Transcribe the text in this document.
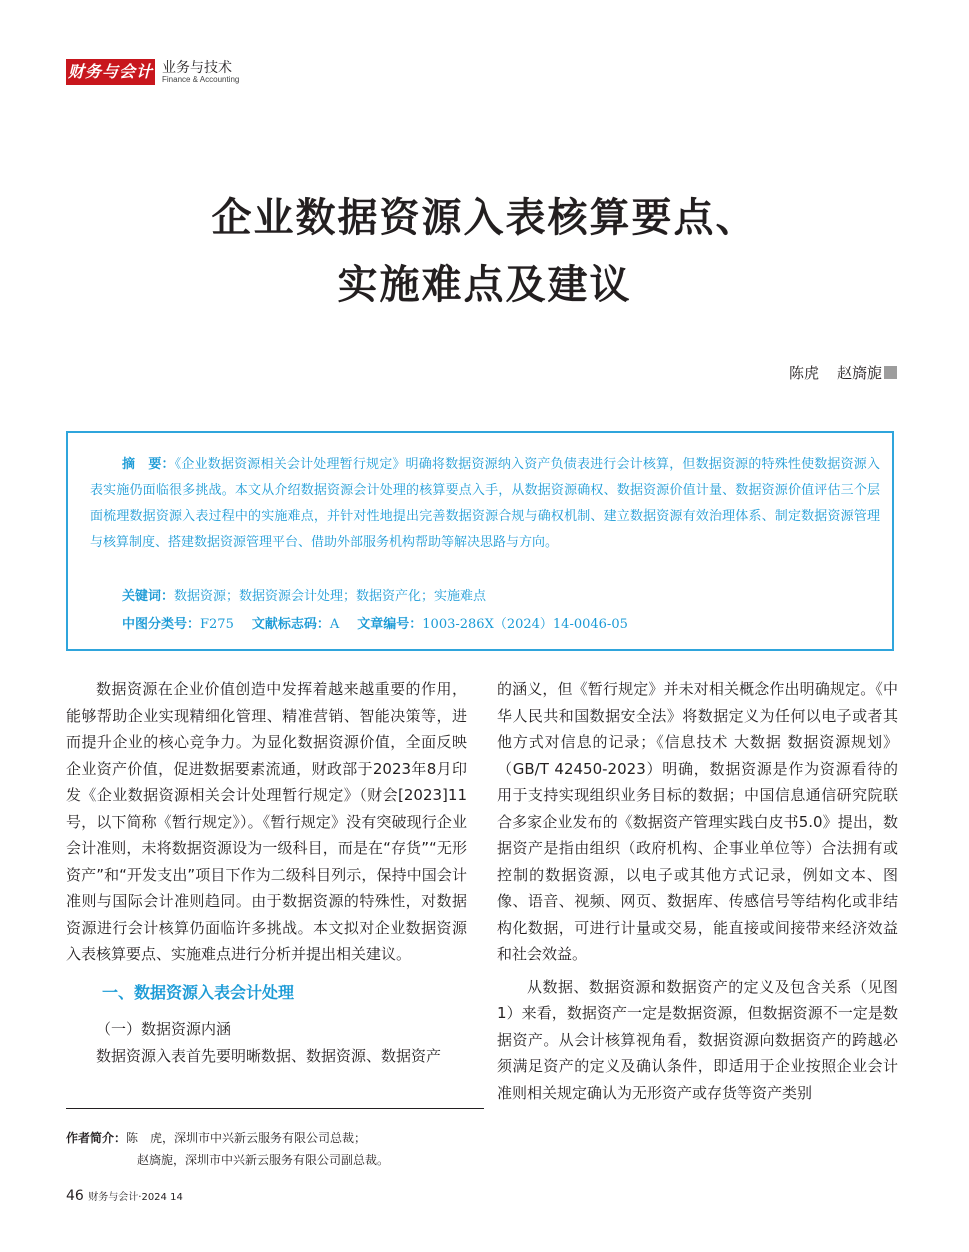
财务与会计 业务与技术
Finance & Accounting
企业数据资源入表核算要点、
实施难点及建议
陈虎 赵旖旎

摘　要：《企业数据资源相关会计处理暂行规定》明确将数据资源纳入资产负债表进行会计核算，但数据资源的特殊性使数据资源入表实施仍面临很多挑战。本文从介绍数据资源会计处理的核算要点入手，从数据资源确权、数据资源价值计量、数据资源价值评估三个层面梳理数据资源入表过程中的实施难点，并针对性地提出完善数据资源合规与确权机制、建立数据资源有效治理体系、制定数据资源管理与核算制度、搭建数据资源管理平台、借助外部服务机构帮助等解决思路与方向。

关键词：数据资源；数据资源会计处理；数据资产化；实施难点
中图分类号：F275 文献标志码：A 文章编号：1003-286X（2024）14-0046-05

数据资源在企业价值创造中发挥着越来越重要的作用，能够帮助企业实现精细化管理、精准营销、智能决策等，进而提升企业的核心竞争力。为显化数据资源价值，全面反映企业资产价值，促进数据要素流通，财政部于2023年8月印发《企业数据资源相关会计处理暂行规定》（财会[2023]11号，以下简称《暂行规定》）。《暂行规定》没有突破现行企业会计准则，未将数据资源设为一级科目，而是在“存货”“无形资产”和“开发支出”项目下作为二级科目列示，保持中国会计准则与国际会计准则趋同。由于数据资源的特殊性，对数据资源进行会计核算仍面临许多挑战。本文拟对企业数据资源入表核算要点、实施难点进行分析并提出相关建议。

一、数据资源入表会计处理

（一）数据资源内涵

数据资源入表首先要明晰数据、数据资源、数据资产

的涵义，但《暂行规定》并未对相关概念作出明确规定。《中华人民共和国数据安全法》将数据定义为任何以电子或者其他方式对信息的记录；《信息技术 大数据 数据资源规划》（GB/T 42450-2023）明确，数据资源是作为资源看待的用于支持实现组织业务目标的数据；中国信息通信研究院联合多家企业发布的《数据资产管理实践白皮书5.0》提出，数据资产是指由组织（政府机构、企事业单位等）合法拥有或控制的数据资源，以电子或其他方式记录，例如文本、图像、语音、视频、网页、数据库、传感信号等结构化或非结构化数据，可进行计量或交易，能直接或间接带来经济效益和社会效益。

从数据、数据资源和数据资产的定义及包含关系（见图1）来看，数据资产一定是数据资源，但数据资源不一定是数据资产。从会计核算视角看，数据资源向数据资产的跨越必须满足资产的定义及确认条件，即适用于企业按照企业会计准则相关规定确认为无形资产或存货等资产类别

作者简介：陈　虎，深圳市中兴新云服务有限公司总裁；
赵旖旎，深圳市中兴新云服务有限公司副总裁。
46 财务与会计·2024 14
